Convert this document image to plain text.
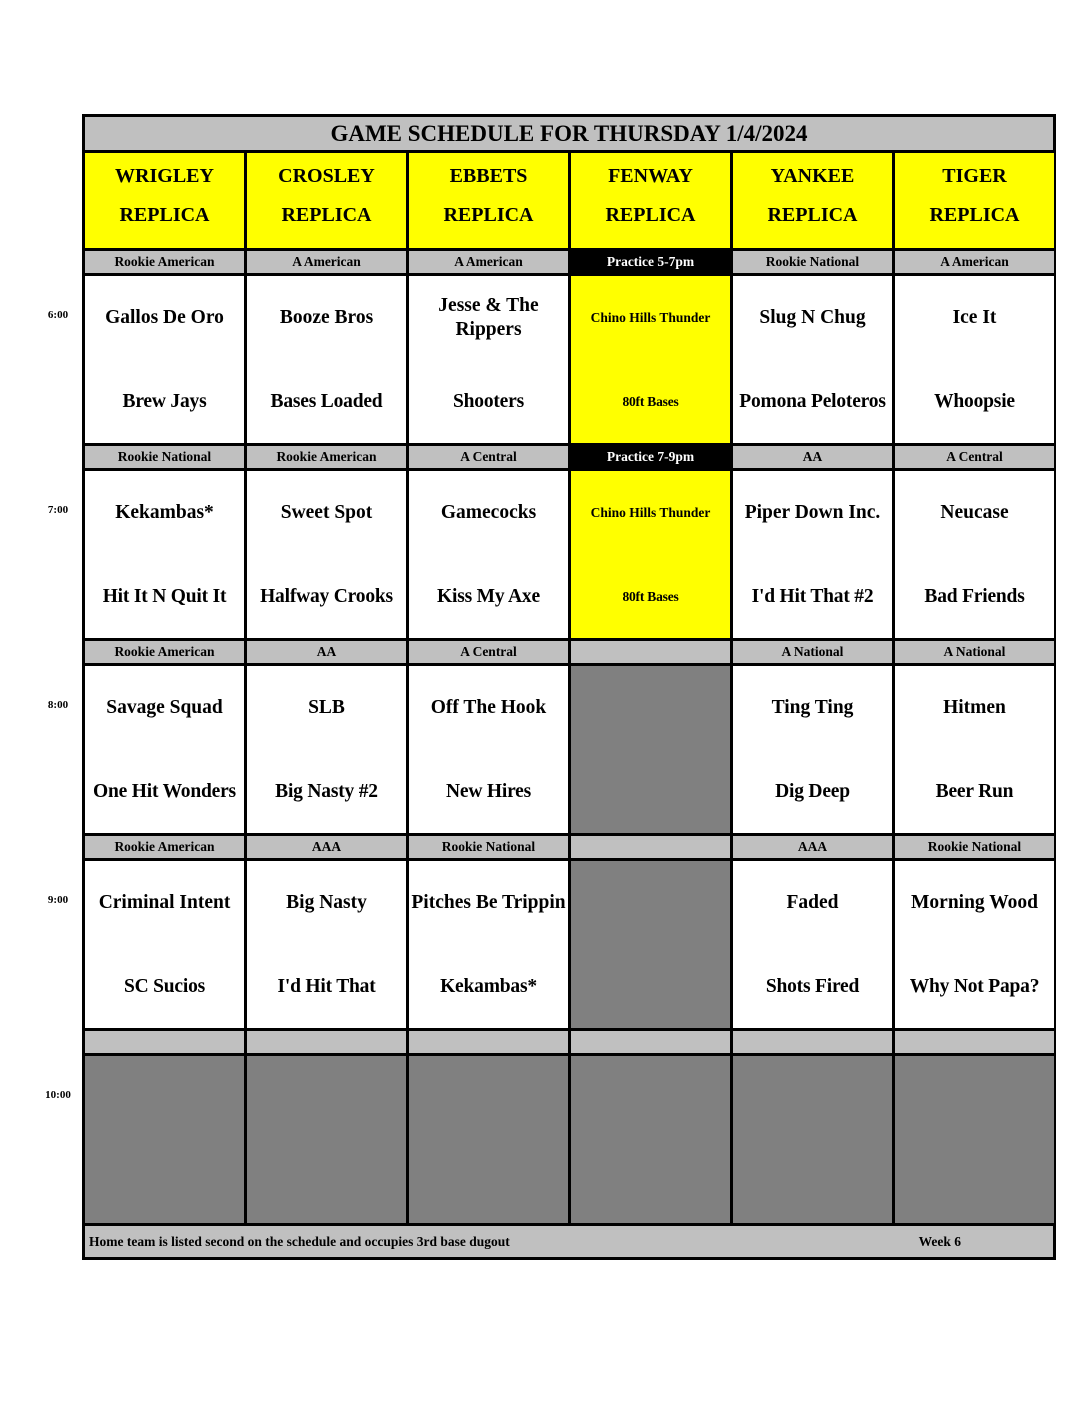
GAME SCHEDULE FOR THURSDAY 1/4/2024
WRIGLEY
REPLICA
CROSLEY
REPLICA
EBBETS
REPLICA
FENWAY
REPLICA
YANKEE
REPLICA
TIGER
REPLICA
Rookie American
Gallos De Oro
Brew Jays
A American
Booze Bros
Bases Loaded
A American
Jesse & The Rippers
Shooters
Practice 5-7pm
Chino Hills Thunder
80ft Bases
Rookie National
Slug N Chug
Pomona Peloteros
A American
Ice It
Whoopsie
Rookie National
Kekambas*
Hit It N Quit It
Rookie American
Sweet Spot
Halfway Crooks
A Central
Gamecocks
Kiss My Axe
Practice 7-9pm
Chino Hills Thunder
80ft Bases
AA
Piper Down Inc.
I'd Hit That #2
A Central
Neucase
Bad Friends
Rookie American
Savage Squad
One Hit Wonders
AA
SLB
Big Nasty #2
A Central
Off The Hook
New Hires
A National
Ting Ting
Dig Deep
A National
Hitmen
Beer Run
Rookie American
Criminal Intent
SC Sucios
AAA
Big Nasty
I'd Hit That
Rookie National
Pitches Be Trippin
Kekambas*
AAA
Faded
Shots Fired
Rookie National
Morning Wood
Why Not Papa?
Home team is listed second on the schedule and occupies 3rd base dugout	Week 6
6:00
7:00
8:00
9:00
10:00
